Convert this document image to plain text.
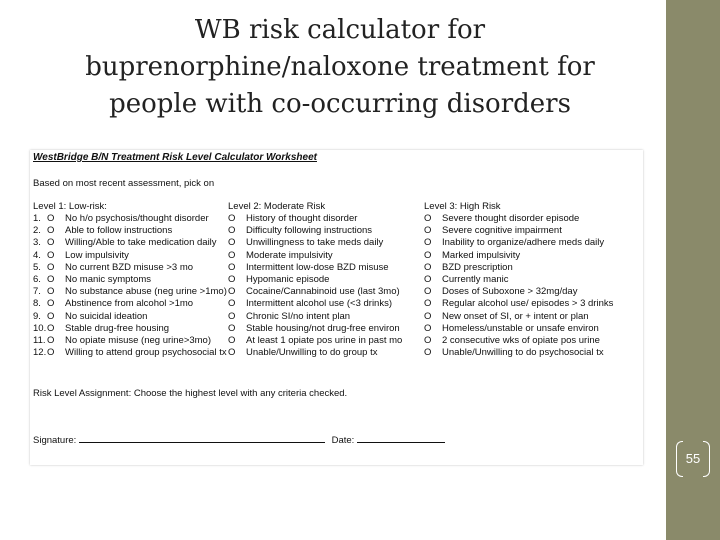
WB risk calculator for
buprenorphine/naloxone treatment for
people with co-occurring disorders
WestBridge B/N Treatment Risk Level Calculator Worksheet
Based on most recent assessment, pick on
Level 1: Low-risk:
1. O No h/o psychosis/thought disorder
2. O Able to follow instructions
3. O Willing/Able to take medication daily
4. O Low impulsivity
5. O No current BZD misuse >3 mo
6. O No manic symptoms
7. O No substance abuse (neg urine >1mo)
8. O Abstinence from alcohol >1mo
9. O No suicidal ideation
10.O Stable drug-free housing
11.O No opiate misuse (neg urine>3mo)
12.O Willing to attend group psychosocial tx
Level 2: Moderate Risk
O History of thought disorder
O Difficulty following instructions
O Unwillingness to take meds daily
O Moderate impulsivity
O Intermittent low-dose BZD misuse
O Hypomanic episode
O Cocaine/Cannabinoid use (last 3mo)
O Intermittent alcohol use (<3 drinks)
O Chronic SI/no intent plan
O Stable housing/not drug-free environ
O At least 1 opiate pos urine in past mo
O Unable/Unwilling to do group tx
Level 3: High Risk
O Severe thought disorder episode
O Severe cognitive impairment
O Inability to organize/adhere meds daily
O Marked impulsivity
O BZD prescription
O Currently manic
O Doses of Suboxone > 32mg/day
O Regular alcohol use/ episodes > 3 drinks
O New onset of SI, or + intent or plan
O Homeless/unstable or unsafe environ
O 2 consecutive wks of opiate pos urine
O Unable/Unwilling to do psychosocial tx
Risk Level Assignment: Choose the highest level with any criteria checked.
Signature:	Date:
55
